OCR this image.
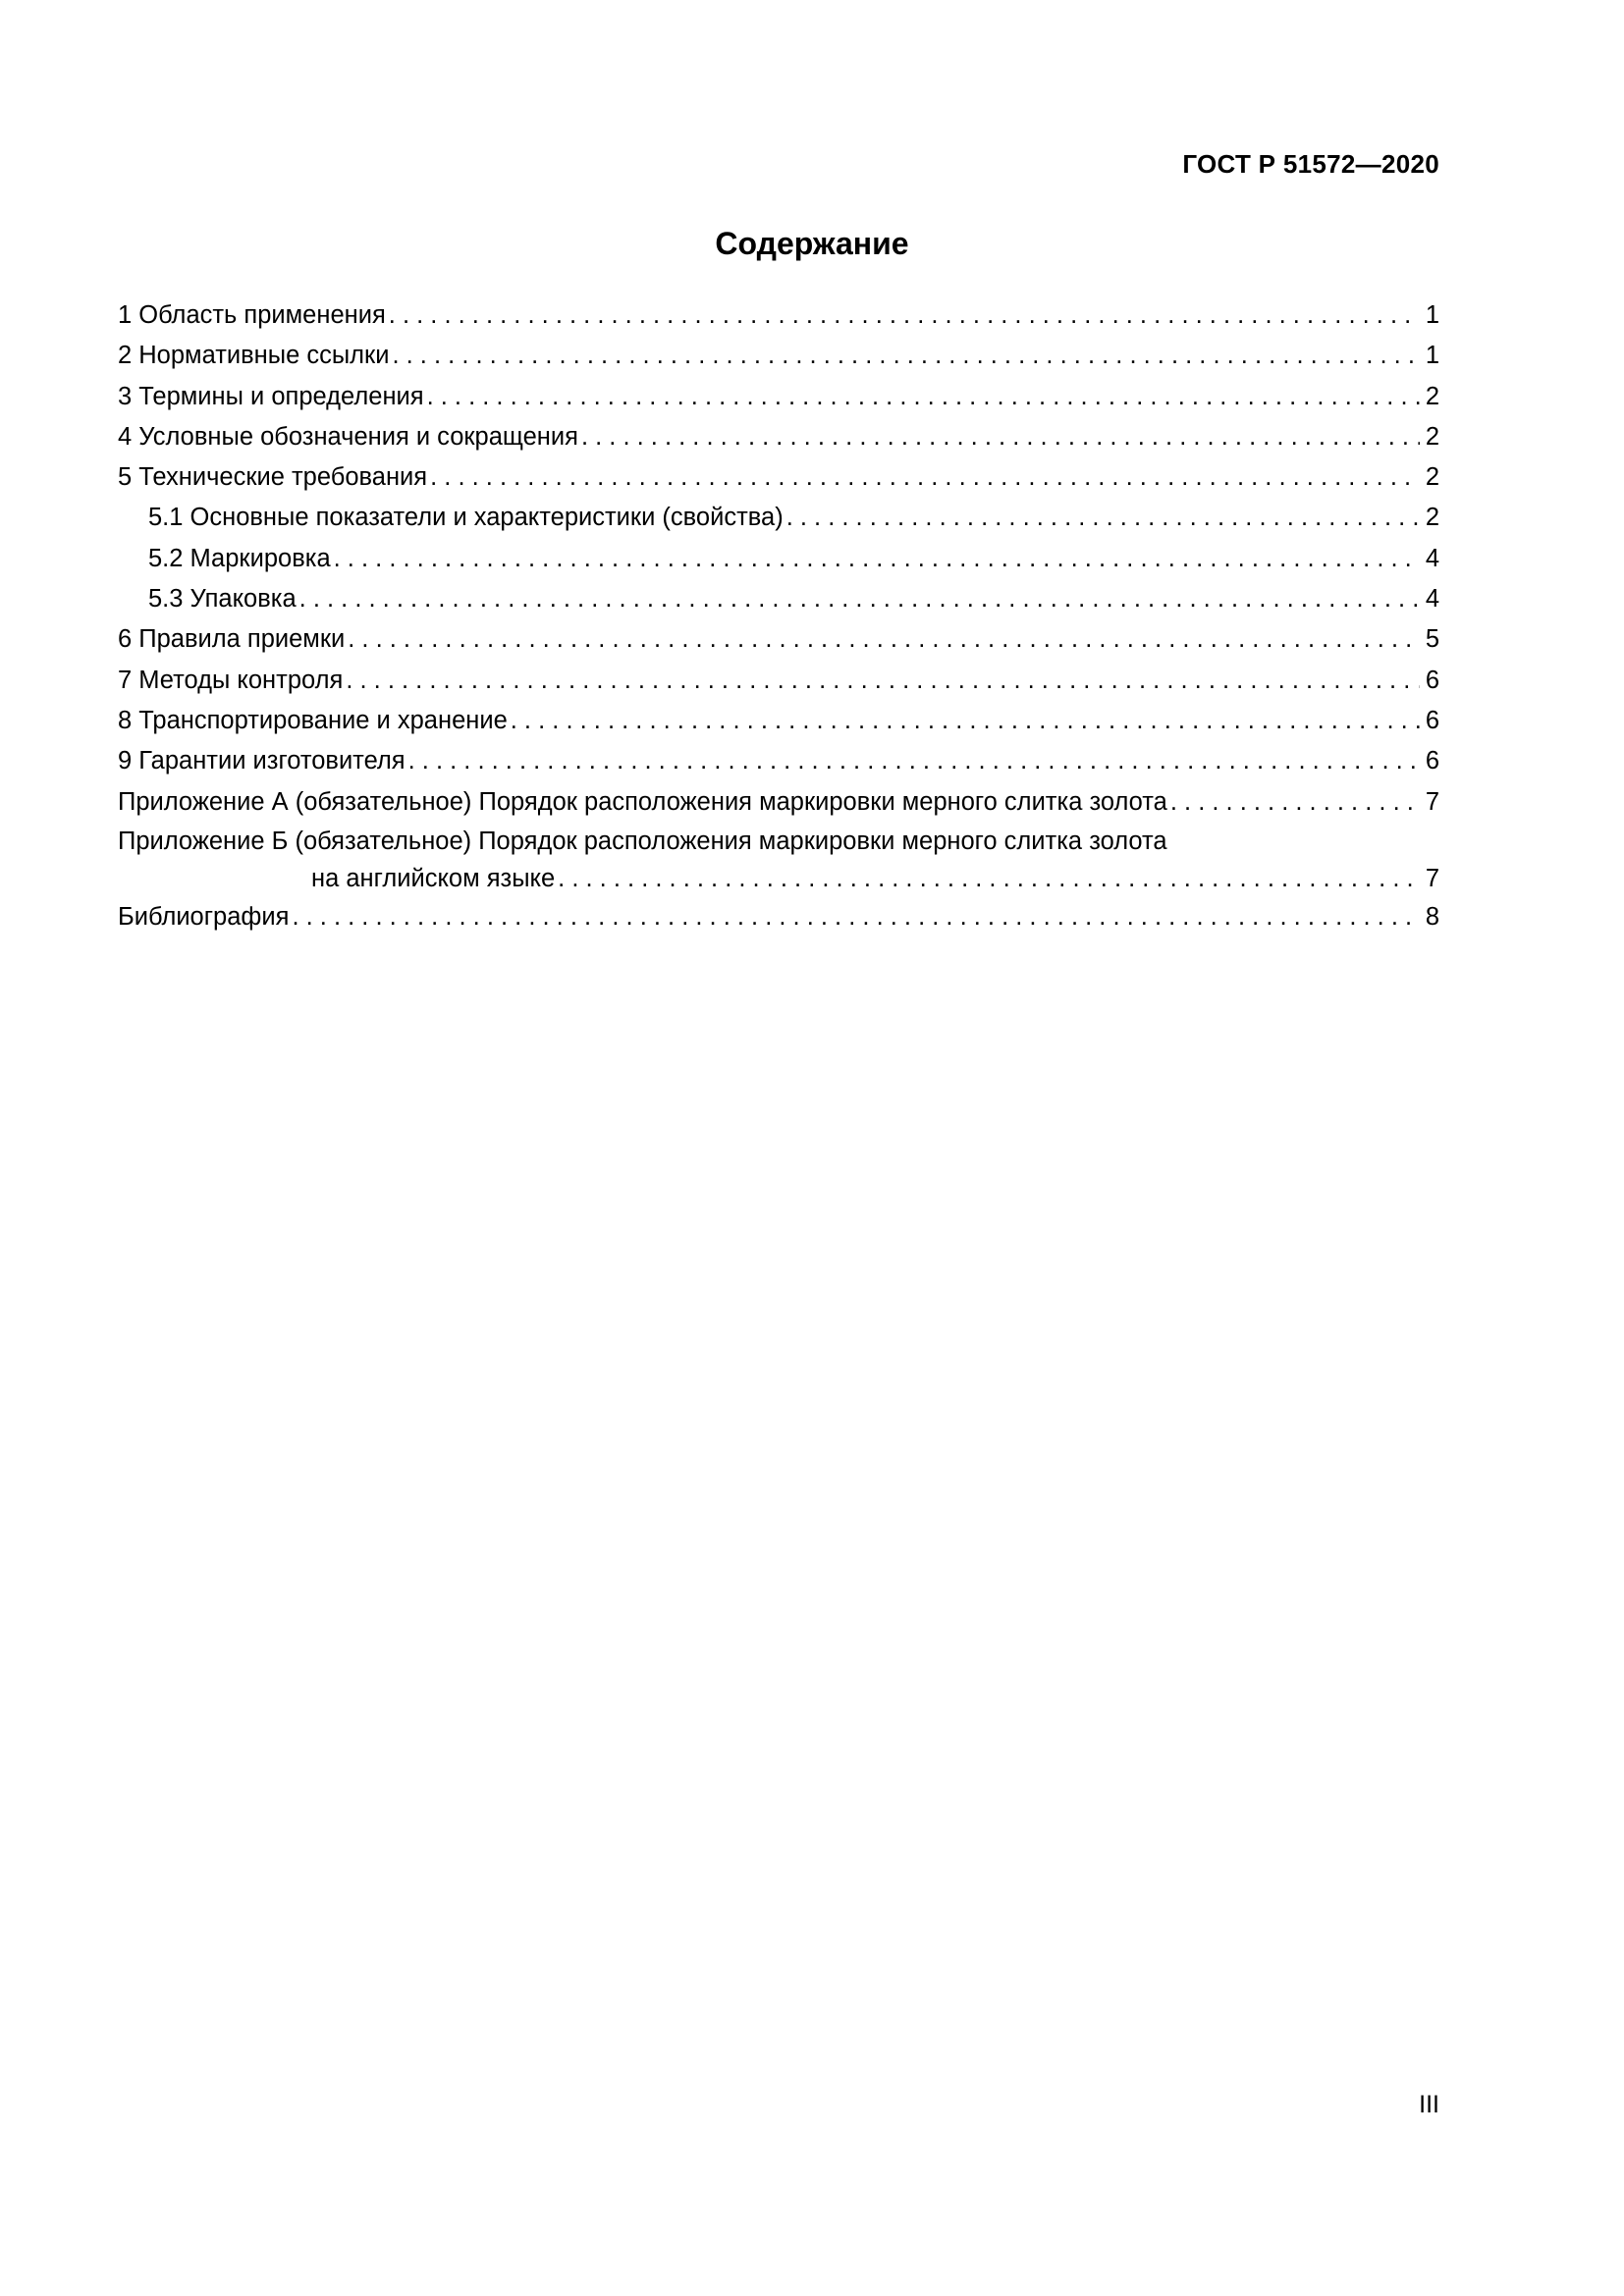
ГОСТ Р 51572—2020
Содержание
1 Область применения . . .	1
2 Нормативные ссылки . . .	1
3 Термины и определения . . .	2
4 Условные обозначения и сокращения . . .	2
5 Технические требования . . .	2
5.1 Основные показатели и характеристики (свойства) . . .	2
5.2 Маркировка . . .	4
5.3 Упаковка . . .	4
6 Правила приемки . . .	5
7 Методы контроля . . .	6
8 Транспортирование и хранение . . .	6
9 Гарантии изготовителя . . .	6
Приложение А (обязательное) Порядок расположения маркировки мерного слитка золота . . .	7
Приложение Б (обязательное) Порядок расположения маркировки мерного слитка золота
на английском языке . . .	7
Библиография . . .	8
III
